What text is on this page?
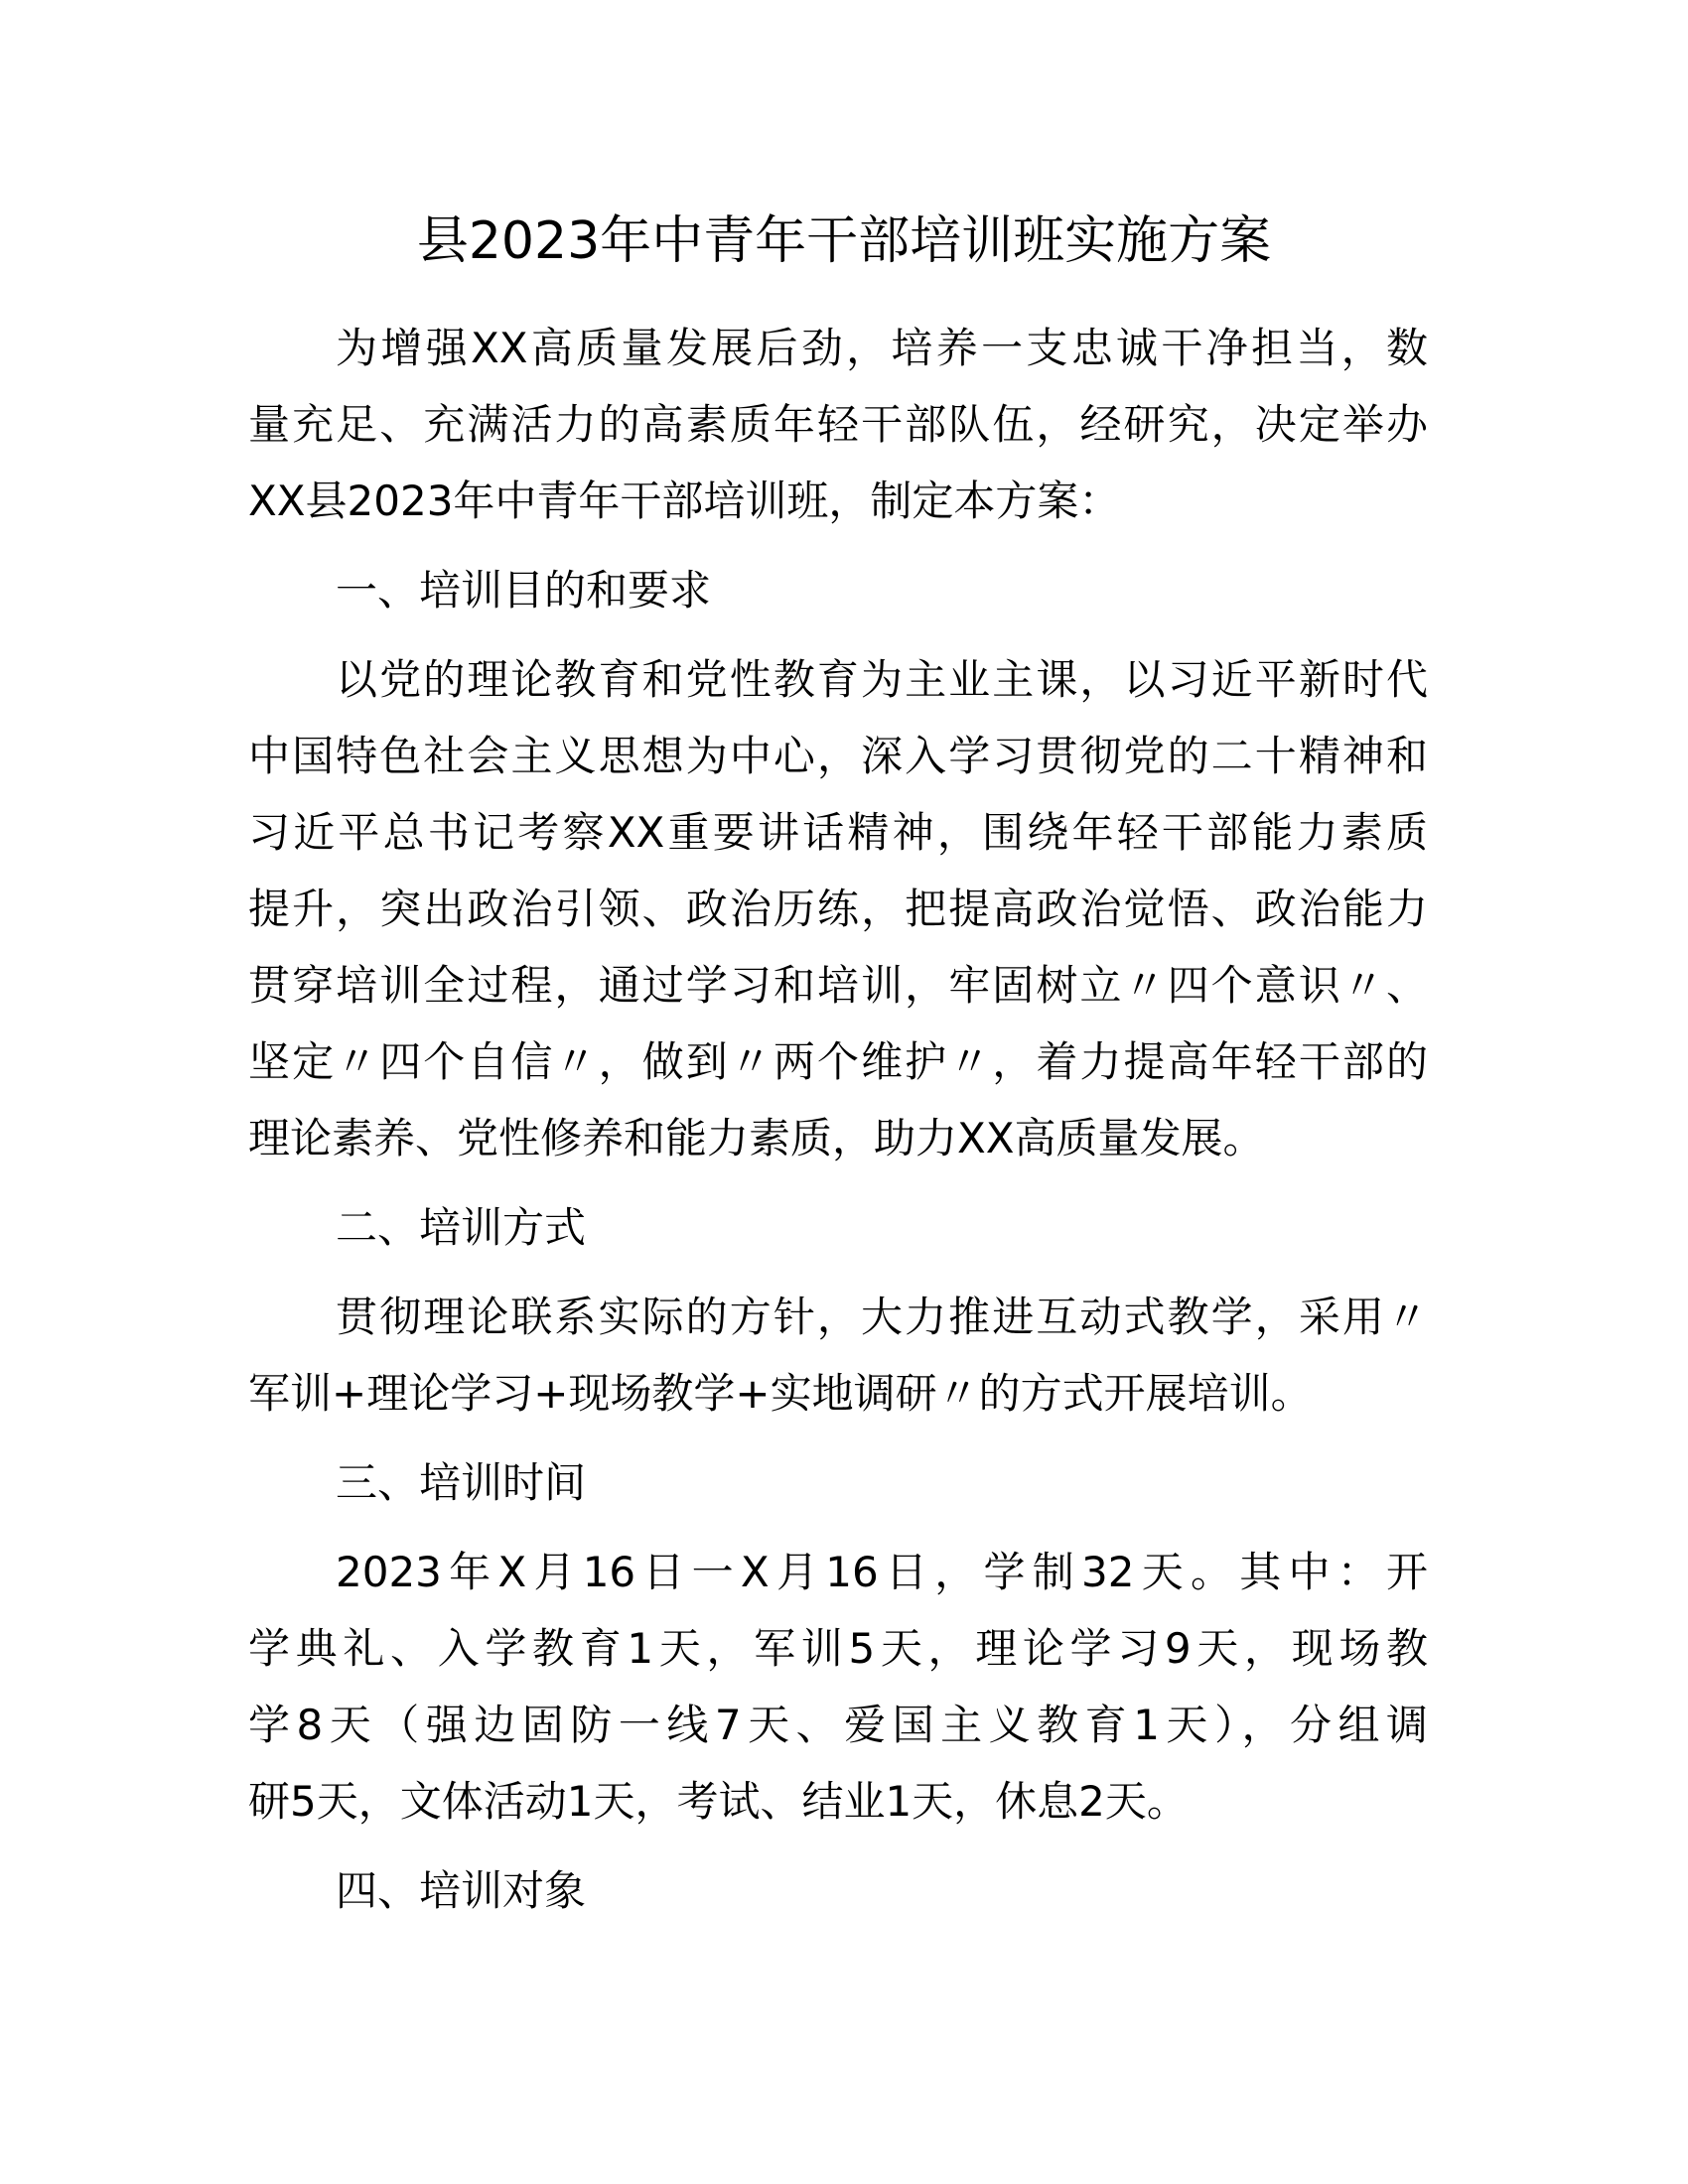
县2023年中青年干部培训班实施方案
为增强XX高质量发展后劲，培养一支忠诚干净担当，数
量充足、充满活力的高素质年轻干部队伍，经研究，决定举办
XX县2023年中青年干部培训班，制定本方案：
一、培训目的和要求
以党的理论教育和党性教育为主业主课，以习近平新时代
中国特色社会主义思想为中心，深入学习贯彻党的二十精神和
习近平总书记考察XX重要讲话精神，围绕年轻干部能力素质
提升，突出政治引领、政治历练，把提高政治觉悟、政治能力
贯穿培训全过程，通过学习和培训，牢固树立〃四个意识〃、
坚定〃四个自信〃，做到〃两个维护〃，着力提高年轻干部的
理论素养、党性修养和能力素质，助力XX高质量发展。
二、培训方式
贯彻理论联系实际的方针，大力推进互动式教学，采用〃
军训+理论学习+现场教学+实地调研〃的方式开展培训。
三、培训时间
2023年X月16日一X月16日，学制32天。其中：开
学典礼、入学教育1天，军训5天，理论学习9天，现场教
学8天（强边固防一线7天、爱国主义教育1天），分组调
研5天，文体活动1天，考试、结业1天，休息2天。
四、培训对象
